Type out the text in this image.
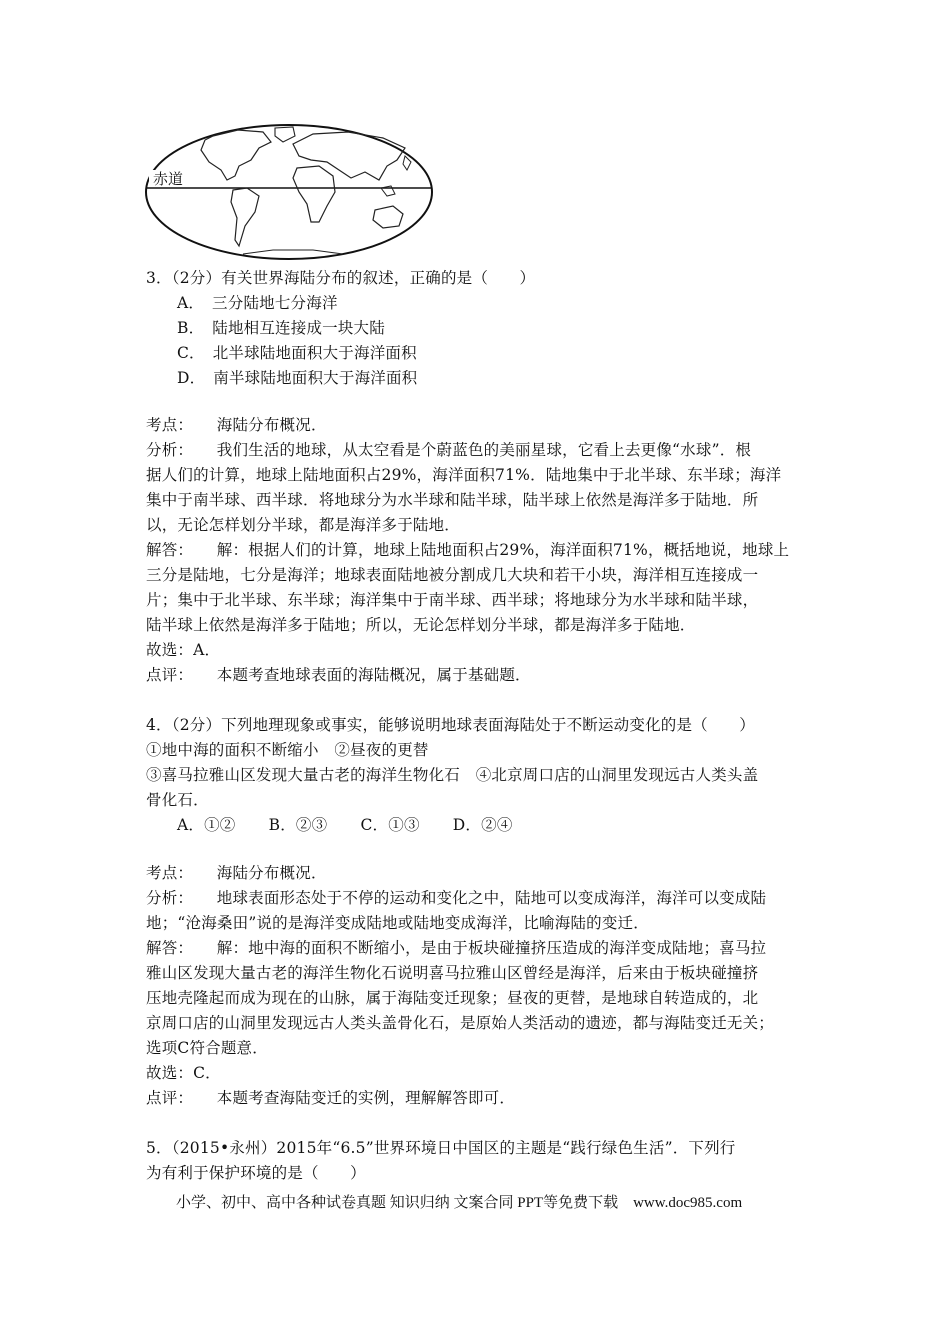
赤道
3．（2分）有关世界海陆分布的叙述，正确的是（　　）
A．　三分陆地七分海洋
B．　陆地相互连接成一块大陆
C．　北半球陆地面积大于海洋面积
D．　南半球陆地面积大于海洋面积
考点：　　海陆分布概况．
分析：　　我们生活的地球，从太空看是个蔚蓝色的美丽星球，它看上去更像“水球”．根
据人们的计算，地球上陆地面积占29%，海洋面积71%．陆地集中于北半球、东半球；海洋
集中于南半球、西半球．将地球分为水半球和陆半球，陆半球上依然是海洋多于陆地．所
以，无论怎样划分半球，都是海洋多于陆地．
解答：　　解：根据人们的计算，地球上陆地面积占29%，海洋面积71%，概括地说，地球上
三分是陆地，七分是海洋；地球表面陆地被分割成几大块和若干小块，海洋相互连接成一
片；集中于北半球、东半球；海洋集中于南半球、西半球；将地球分为水半球和陆半球，
陆半球上依然是海洋多于陆地；所以，无论怎样划分半球，都是海洋多于陆地．
故选：A．
点评：　　本题考查地球表面的海陆概况，属于基础题．
4．（2分）下列地理现象或事实，能够说明地球表面海陆处于不断运动变化的是（　　）
①地中海的面积不断缩小　②昼夜的更替
③喜马拉雅山区发现大量古老的海洋生物化石　④北京周口店的山洞里发现远古人类头盖
骨化石．
A．①② B．②③ C．①③ D．②④
考点：　　海陆分布概况．
分析：　　地球表面形态处于不停的运动和变化之中，陆地可以变成海洋，海洋可以变成陆
地；“沧海桑田”说的是海洋变成陆地或陆地变成海洋，比喻海陆的变迁．
解答：　　解：地中海的面积不断缩小，是由于板块碰撞挤压造成的海洋变成陆地；喜马拉
雅山区发现大量古老的海洋生物化石说明喜马拉雅山区曾经是海洋，后来由于板块碰撞挤
压地壳隆起而成为现在的山脉，属于海陆变迁现象；昼夜的更替，是地球自转造成的，北
京周口店的山洞里发现远古人类头盖骨化石，是原始人类活动的遗迹，都与海陆变迁无关；
选项C符合题意．
故选：C．
点评：　　本题考查海陆变迁的实例，理解解答即可．
5．（2015•永州）2015年“6.5”世界环境日中国区的主题是“践行绿色生活”．下列行
为有利于保护环境的是（　　）
小学、初中、高中各种试卷真题 知识归纳 文案合同 PPT等免费下载　www.doc985.com
